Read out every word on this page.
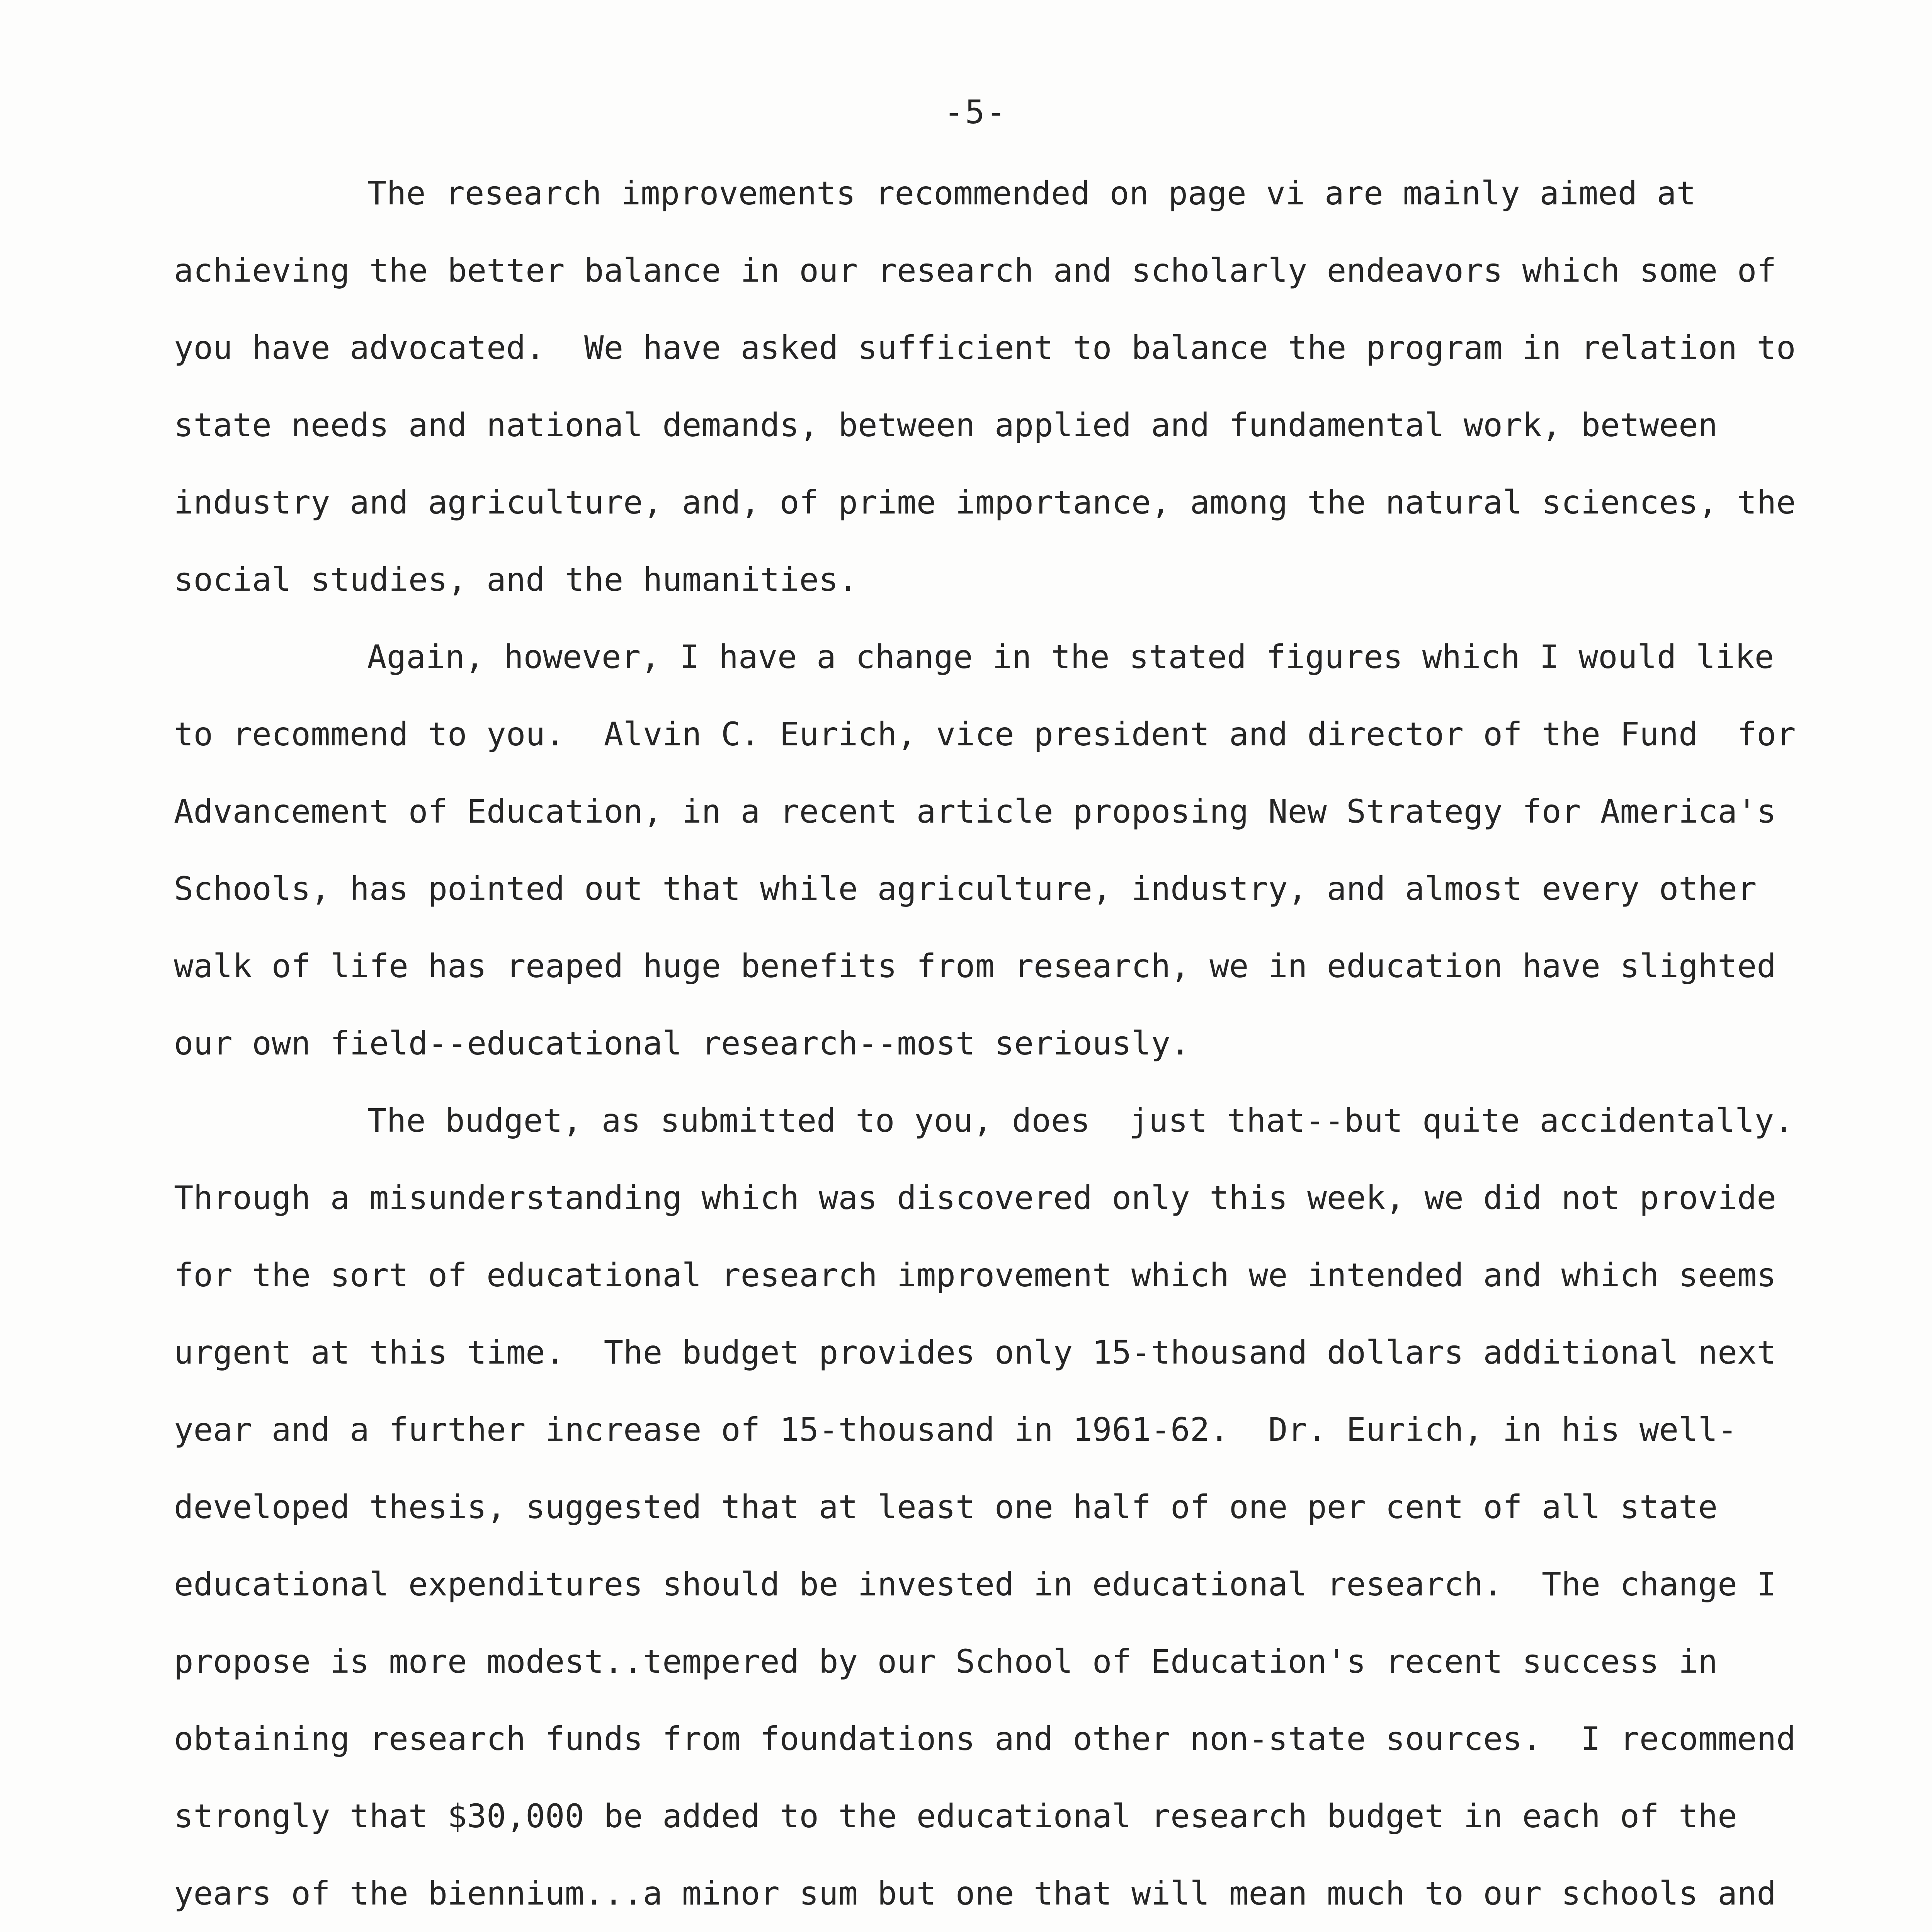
-5-

The research improvements recommended on page vi are mainly aimed at

achieving the better balance in our research and scholarly endeavors which some of

you have advocated.  We have asked sufficient to balance the program in relation to

state needs and national demands, between applied and fundamental work, between

industry and agriculture, and, of prime importance, among the natural sciences, the

social studies, and the humanities.

Again, however, I have a change in the stated figures which I would like

to recommend to you.  Alvin C. Eurich, vice president and director of the Fund  for

Advancement of Education, in a recent article proposing New Strategy for America's

Schools, has pointed out that while agriculture, industry, and almost every other

walk of life has reaped huge benefits from research, we in education have slighted

our own field--educational research--most seriously.

The budget, as submitted to you, does  just that--but quite accidentally.

Through a misunderstanding which was discovered only this week, we did not provide

for the sort of educational research improvement which we intended and which seems

urgent at this time.  The budget provides only 15-thousand dollars additional next

year and a further increase of 15-thousand in 1961-62.  Dr. Eurich, in his well-

developed thesis, suggested that at least one half of one per cent of all state

educational expenditures should be invested in educational research.  The change I

propose is more modest..tempered by our School of Education's recent success in

obtaining research funds from foundations and other non-state sources.  I recommend

strongly that $30,000 be added to the educational research budget in each of the

years of the biennium...a minor sum but one that will mean much to our schools and
